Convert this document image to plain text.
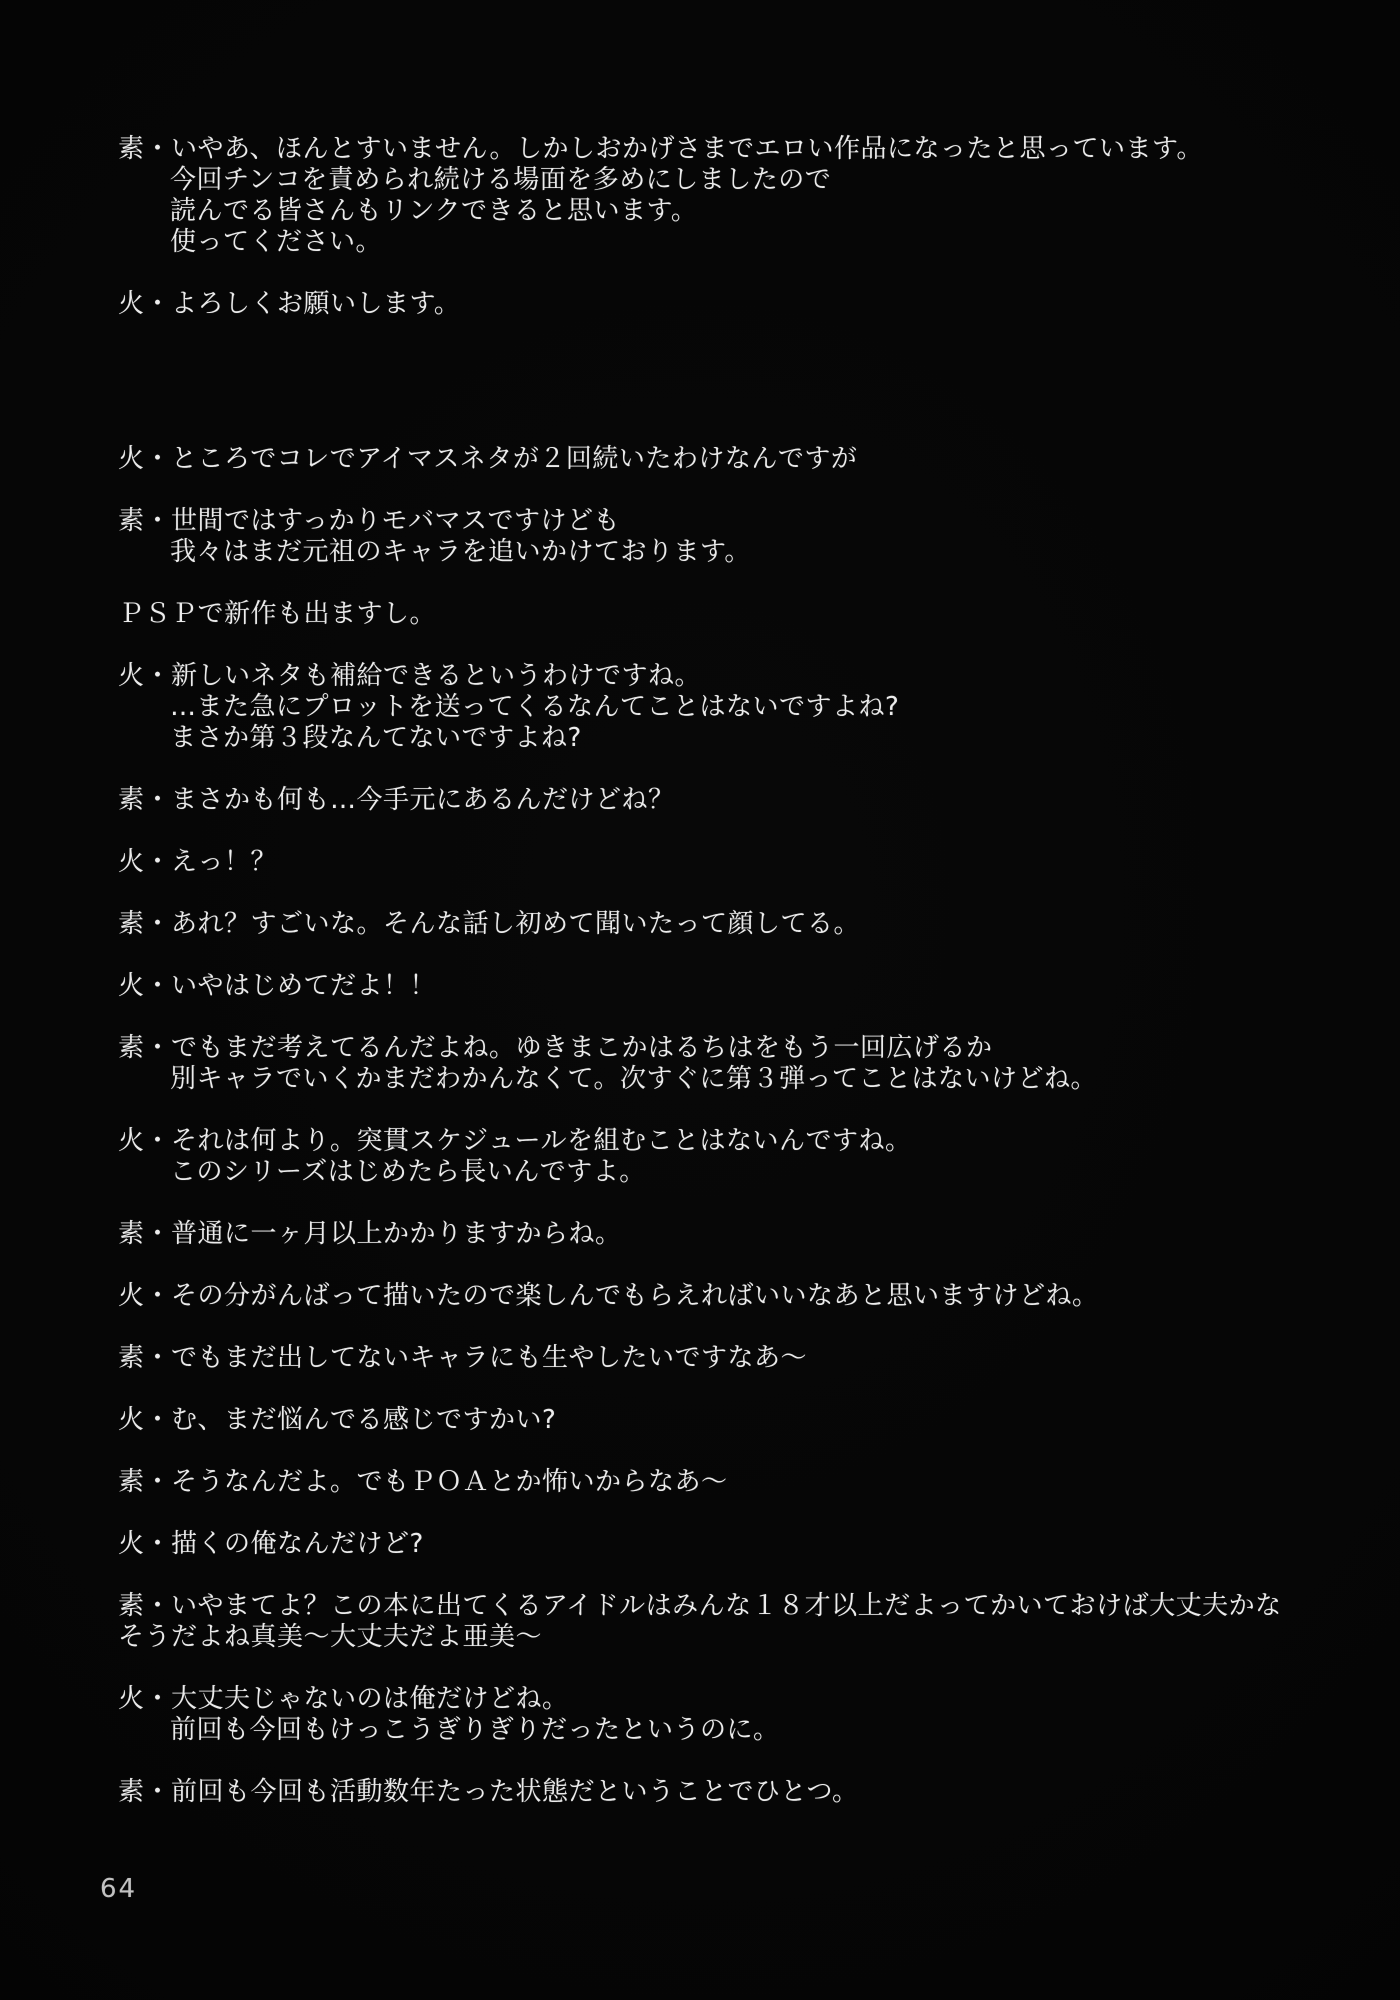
素・いやあ、ほんとすいません。しかしおかげさまでエロい作品になったと思っています。
今回チンコを責められ続ける場面を多めにしましたので
読んでる皆さんもリンクできると思います。
使ってください。
火・よろしくお願いします。
火・ところでコレでアイマスネタが２回続いたわけなんですが
素・世間ではすっかりモバマスですけども
我々はまだ元祖のキャラを追いかけております。
ＰＳＰで新作も出ますし。
火・新しいネタも補給できるというわけですね。
…また急にプロットを送ってくるなんてことはないですよね?
まさか第３段なんてないですよね?
素・まさかも何も…今手元にあるんだけどね？
火・えっ！？
素・あれ？すごいな。そんな話し初めて聞いたって顔してる。
火・いやはじめてだよ！！
素・でもまだ考えてるんだよね。ゆきまこかはるちはをもう一回広げるか
別キャラでいくかまだわかんなくて。次すぐに第３弾ってことはないけどね。
火・それは何より。突貫スケジュールを組むことはないんですね。
このシリーズはじめたら長いんですよ。
素・普通に一ヶ月以上かかりますからね。
火・その分がんばって描いたので楽しんでもらえればいいなあと思いますけどね。
素・でもまだ出してないキャラにも生やしたいですなあ～
火・む、まだ悩んでる感じですかい?
素・そうなんだよ。でもＰＯＡとか怖いからなあ～
火・描くの俺なんだけど?
素・いやまてよ？この本に出てくるアイドルはみんな１８才以上だよってかいておけば大丈夫かな
そうだよね真美～大丈夫だよ亜美～
火・大丈夫じゃないのは俺だけどね。
前回も今回もけっこうぎりぎりだったというのに。
素・前回も今回も活動数年たった状態だということでひとつ。
64
